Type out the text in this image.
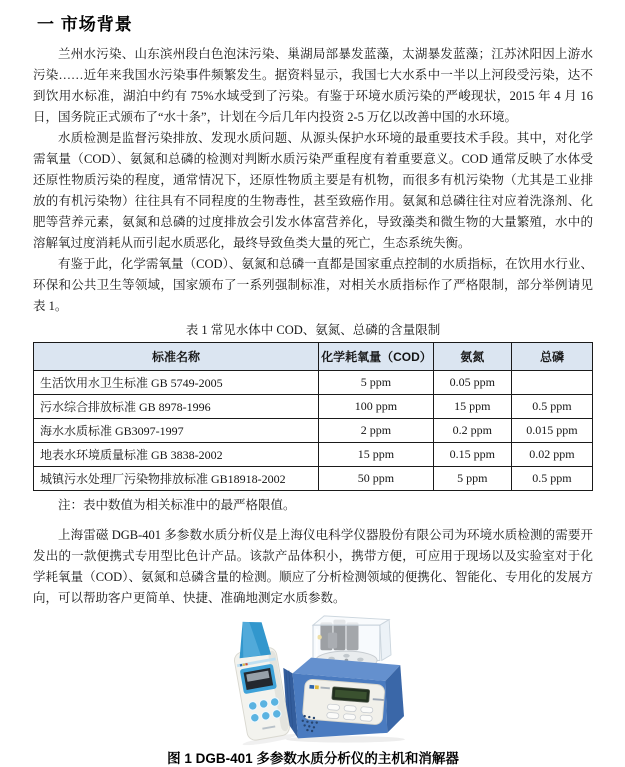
一 市场背景

兰州水污染、山东滨州段白色泡沫污染、巢湖局部暴发蓝藻，太湖暴发蓝藻；江苏沭阳因上游水污染……近年来我国水污染事件频繁发生。据资料显示，我国七大水系中一半以上河段受污染，达不到饮用水标准，湖泊中约有 75%水域受到了污染。有鉴于环境水质污染的严峻现状，2015 年 4 月 16 日，国务院正式颁布了“水十条”，计划在今后几年内投资 2-5 万亿以改善中国的水环境。

水质检测是监督污染排放、发现水质问题、从源头保护水环境的最重要技术手段。其中，对化学需氧量（COD）、氨氮和总磷的检测对判断水质污染严重程度有着重要意义。COD 通常反映了水体受还原性物质污染的程度，通常情况下，还原性物质主要是有机物，而很多有机污染物（尤其是工业排放的有机污染物）往往具有不同程度的生物毒性，甚至致癌作用。氨氮和总磷往往对应着洗涤剂、化肥等营养元素，氨氮和总磷的过度排放会引发水体富营养化，导致藻类和微生物的大量繁殖，水中的溶解氧过度消耗从而引起水质恶化，最终导致鱼类大量的死亡，生态系统失衡。

有鉴于此，化学需氧量（COD）、氨氮和总磷一直都是国家重点控制的水质指标，在饮用水行业、环保和公共卫生等领域，国家颁布了一系列强制标准，对相关水质指标作了严格限制，部分举例请见表 1。

表 1 常见水体中 COD、氨氮、总磷的含量限制
标准名称	化学耗氧量（COD）	氨氮	总磷
生活饮用水卫生标准 GB 5749-2005	5 ppm	0.05 ppm	
污水综合排放标准 GB 8978-1996	100 ppm	15 ppm	0.5 ppm
海水水质标准 GB3097-1997	2 ppm	0.2 ppm	0.015 ppm
地表水环境质量标准 GB 3838-2002	15 ppm	0.15 ppm	0.02 ppm
城镇污水处理厂污染物排放标准 GB18918-2002	50 ppm	5 ppm	0.5 ppm

注：表中数值为相关标准中的最严格限值。

上海雷磁 DGB-401 多参数水质分析仪是上海仪电科学仪器股份有限公司为环境水质检测的需要开发出的一款便携式专用型比色计产品。该款产品体积小，携带方便，可应用于现场以及实验室对于化学耗氧量（COD）、氨氮和总磷含量的检测。顺应了分析检测领域的便携化、智能化、专用化的发展方向，可以帮助客户更简单、快捷、准确地测定水质参数。

图 1 DGB-401 多参数水质分析仪的主机和消解器
